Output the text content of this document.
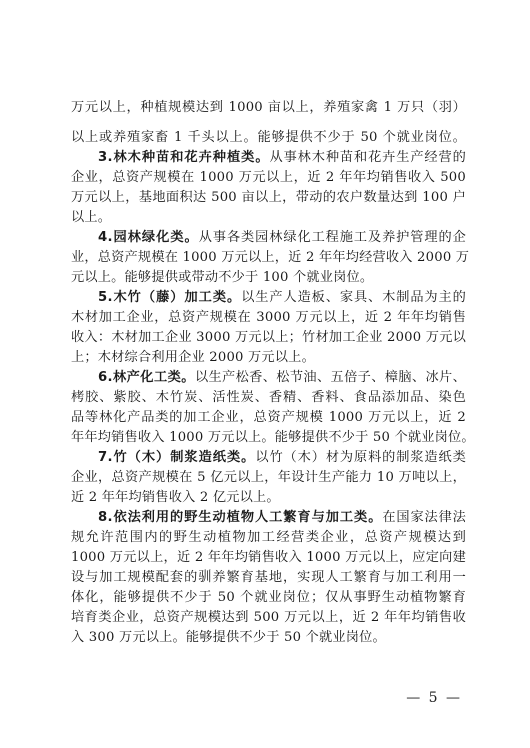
万元以上，种植规模达到 1000 亩以上，养殖家禽 1 万只（羽）
以上或养殖家畜 1 千头以上。能够提供不少于 50 个就业岗位。
3.林木种苗和花卉种植类。从事林木种苗和花卉生产经营的
企业，总资产规模在 1000 万元以上，近 2 年年均销售收入 500
万元以上，基地面积达 500 亩以上，带动的农户数量达到 100 户
以上。
4.园林绿化类。从事各类园林绿化工程施工及养护管理的企
业，总资产规模在 1000 万元以上，近 2 年年均经营收入 2000 万
元以上。能够提供或带动不少于 100 个就业岗位。
5.木竹（藤）加工类。以生产人造板、家具、木制品为主的
木材加工企业，总资产规模在 3000 万元以上，近 2 年年均销售
收入：木材加工企业 3000 万元以上；竹材加工企业 2000 万元以
上；木材综合利用企业 2000 万元以上。
6.林产化工类。以生产松香、松节油、五倍子、樟脑、冰片、
栲胶、紫胶、木竹炭、活性炭、香精、香料、食品添加品、染色
品等林化产品类的加工企业，总资产规模 1000 万元以上，近 2
年年均销售收入 1000 万元以上。能够提供不少于 50 个就业岗位。
7.竹（木）制浆造纸类。以竹（木）材为原料的制浆造纸类
企业，总资产规模在 5 亿元以上，年设计生产能力 10 万吨以上，
近 2 年年均销售收入 2 亿元以上。
8.依法利用的野生动植物人工繁育与加工类。在国家法律法
规允许范围内的野生动植物加工经营类企业，总资产规模达到
1000 万元以上，近 2 年年均销售收入 1000 万元以上，应定向建
设与加工规模配套的驯养繁育基地，实现人工繁育与加工利用一
体化，能够提供不少于 50 个就业岗位；仅从事野生动植物繁育
培育类企业，总资产规模达到 500 万元以上，近 2 年年均销售收
入 300 万元以上。能够提供不少于 50 个就业岗位。
— 5 —
